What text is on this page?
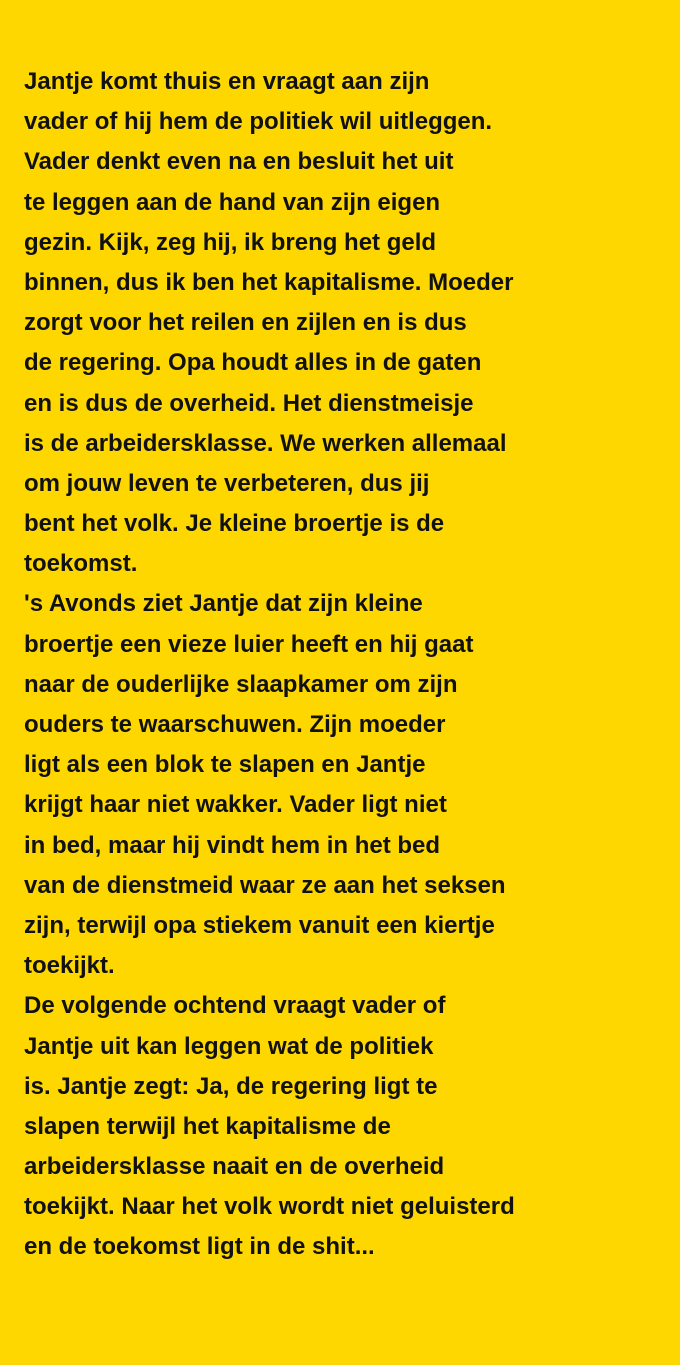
Jantje komt thuis en vraagt aan zijn
vader of hij hem de politiek wil uitleggen.
Vader denkt even na en besluit het uit
te leggen aan de hand van zijn eigen
gezin. Kijk, zeg hij, ik breng het geld
binnen, dus ik ben het kapitalisme. Moeder
zorgt voor het reilen en zijlen en is dus
de regering. Opa houdt alles in de gaten
en is dus de overheid. Het dienstmeisje
is de arbeidersklasse. We werken allemaal
om jouw leven te verbeteren, dus jij
bent het volk. Je kleine broertje is de
toekomst.
's Avonds ziet Jantje dat zijn kleine
broertje een vieze luier heeft en hij gaat
naar de ouderlijke slaapkamer om zijn
ouders te waarschuwen. Zijn moeder
ligt als een blok te slapen en Jantje
krijgt haar niet wakker. Vader ligt niet
in bed, maar hij vindt hem in het bed
van de dienstmeid waar ze aan het seksen
zijn, terwijl opa stiekem vanuit een kiertje
toekijkt.
De volgende ochtend vraagt vader of
Jantje uit kan leggen wat de politiek
is. Jantje zegt: Ja, de regering ligt te
slapen terwijl het kapitalisme de
arbeidersklasse naait en de overheid
toekijkt. Naar het volk wordt niet geluisterd
en de toekomst ligt in de shit...
